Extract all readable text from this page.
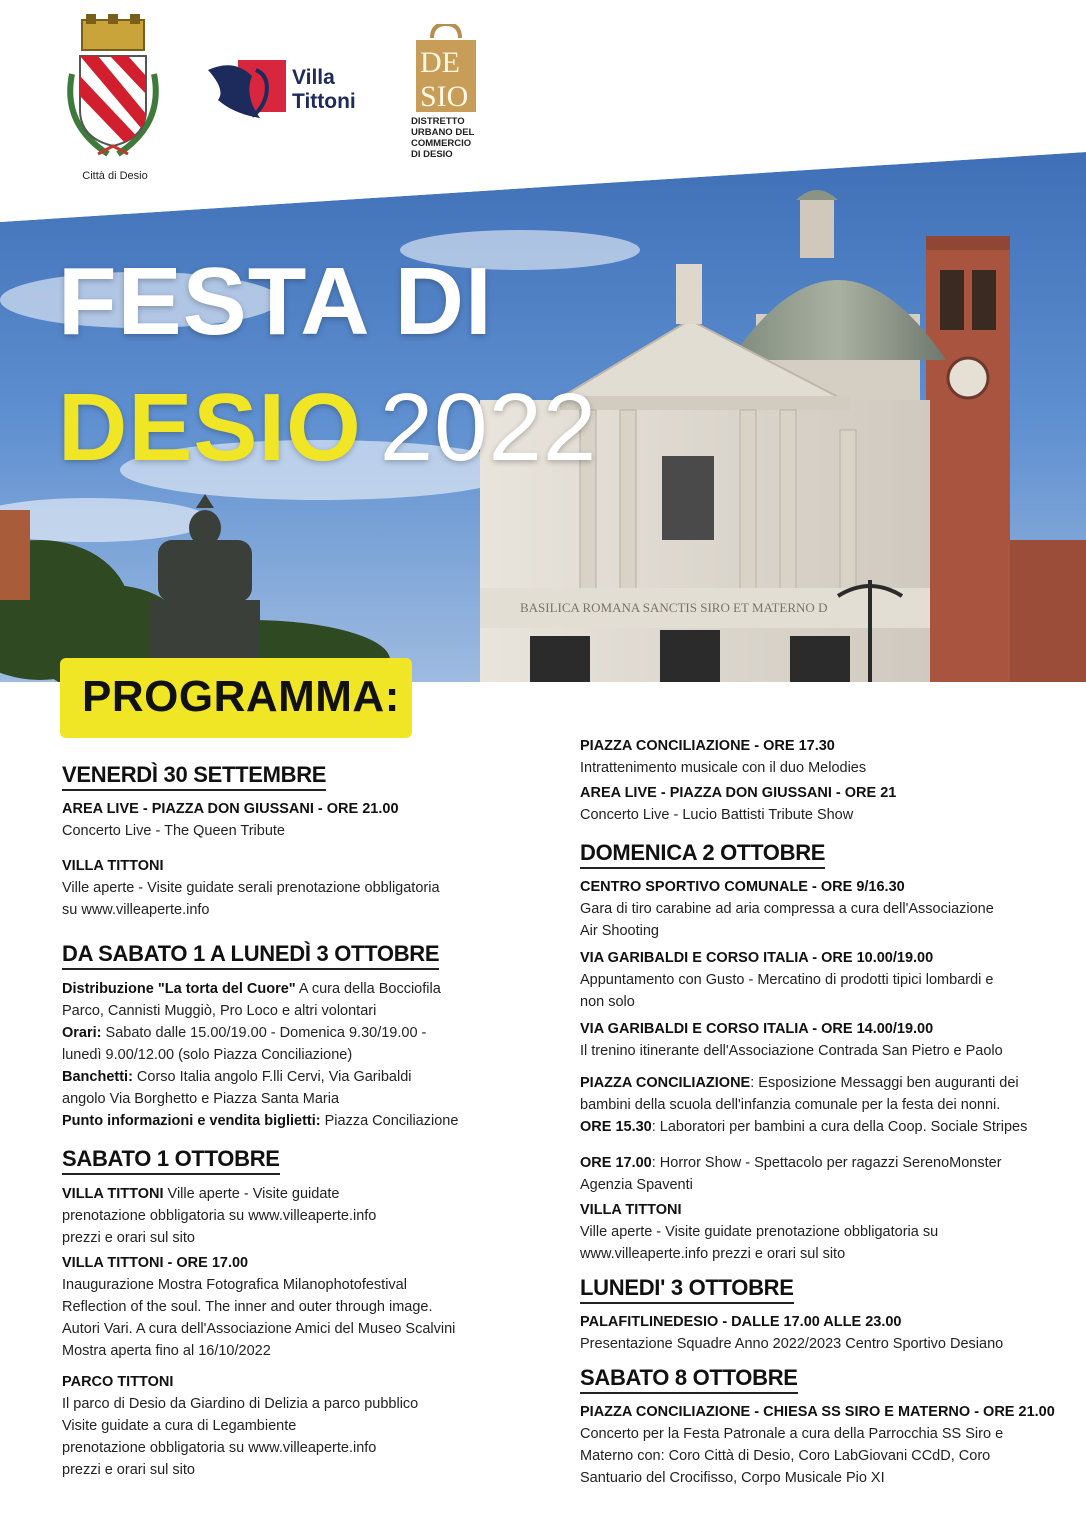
BASILICA ROMANA SANCTIS SIRO ET MATERNO D
FESTA DI
DESIO 2022
Città di Desio
Villa
Tittoni
DE
SIO
DISTRETTO
URBANO DEL
COMMERCIO
DI DESIO
PROGRAMMA:
VENERDÌ 30 SETTEMBRE
AREA LIVE - PIAZZA DON GIUSSANI - ORE 21.00
Concerto Live - The Queen Tribute
VILLA TITTONI
Ville aperte - Visite guidate serali prenotazione obbligatoria
su www.villeaperte.info
DA SABATO 1 A LUNEDÌ 3 OTTOBRE
Distribuzione "La torta del Cuore" A cura della Bocciofila
Parco, Cannisti Muggiò, Pro Loco e altri volontari
Orari: Sabato dalle 15.00/19.00 - Domenica 9.30/19.00 -
lunedì 9.00/12.00 (solo Piazza Conciliazione)
Banchetti: Corso Italia angolo F.lli Cervi, Via Garibaldi
angolo Via Borghetto e Piazza Santa Maria
Punto informazioni e vendita biglietti: Piazza Conciliazione
SABATO 1 OTTOBRE
VILLA TITTONI Ville aperte - Visite guidate
prenotazione obbligatoria su www.villeaperte.info
prezzi e orari sul sito
VILLA TITTONI - ORE 17.00
Inaugurazione Mostra Fotografica Milanophotofestival
Reflection of the soul. The inner and outer through image.
Autori Vari. A cura dell'Associazione Amici del Museo Scalvini
Mostra aperta fino al 16/10/2022
PARCO TITTONI
Il parco di Desio da Giardino di Delizia a parco pubblico
Visite guidate a cura di Legambiente
prenotazione obbligatoria su www.villeaperte.info
prezzi e orari sul sito
PIAZZA CONCILIAZIONE - ORE 17.30
Intrattenimento musicale con il duo Melodies
AREA LIVE - PIAZZA DON GIUSSANI - ORE 21
Concerto Live - Lucio Battisti Tribute Show
DOMENICA 2 OTTOBRE
CENTRO SPORTIVO COMUNALE - ORE 9/16.30
Gara di tiro carabine ad aria compressa a cura dell'Associazione
Air Shooting
VIA GARIBALDI E CORSO ITALIA - ORE 10.00/19.00
Appuntamento con Gusto - Mercatino di prodotti tipici lombardi e
non solo
VIA GARIBALDI E CORSO ITALIA - ORE 14.00/19.00
Il trenino itinerante dell'Associazione Contrada San Pietro e Paolo
PIAZZA CONCILIAZIONE: Esposizione Messaggi ben auguranti dei
bambini della scuola dell'infanzia comunale per la festa dei nonni.
ORE 15.30: Laboratori per bambini a cura della Coop. Sociale Stripes
ORE 17.00: Horror Show - Spettacolo per ragazzi SerenoMonster
Agenzia Spaventi
VILLA TITTONI
Ville aperte - Visite guidate prenotazione obbligatoria su
www.villeaperte.info prezzi e orari sul sito
LUNEDI' 3 OTTOBRE
PALAFITLINEDESIO - DALLE 17.00 ALLE 23.00
Presentazione Squadre Anno 2022/2023 Centro Sportivo Desiano
SABATO 8 OTTOBRE
PIAZZA CONCILIAZIONE - CHIESA SS SIRO E MATERNO - ORE 21.00
Concerto per la Festa Patronale a cura della Parrocchia SS Siro e
Materno con: Coro Città di Desio, Coro LabGiovani CCdD, Coro
Santuario del Crocifisso, Corpo Musicale Pio XI
